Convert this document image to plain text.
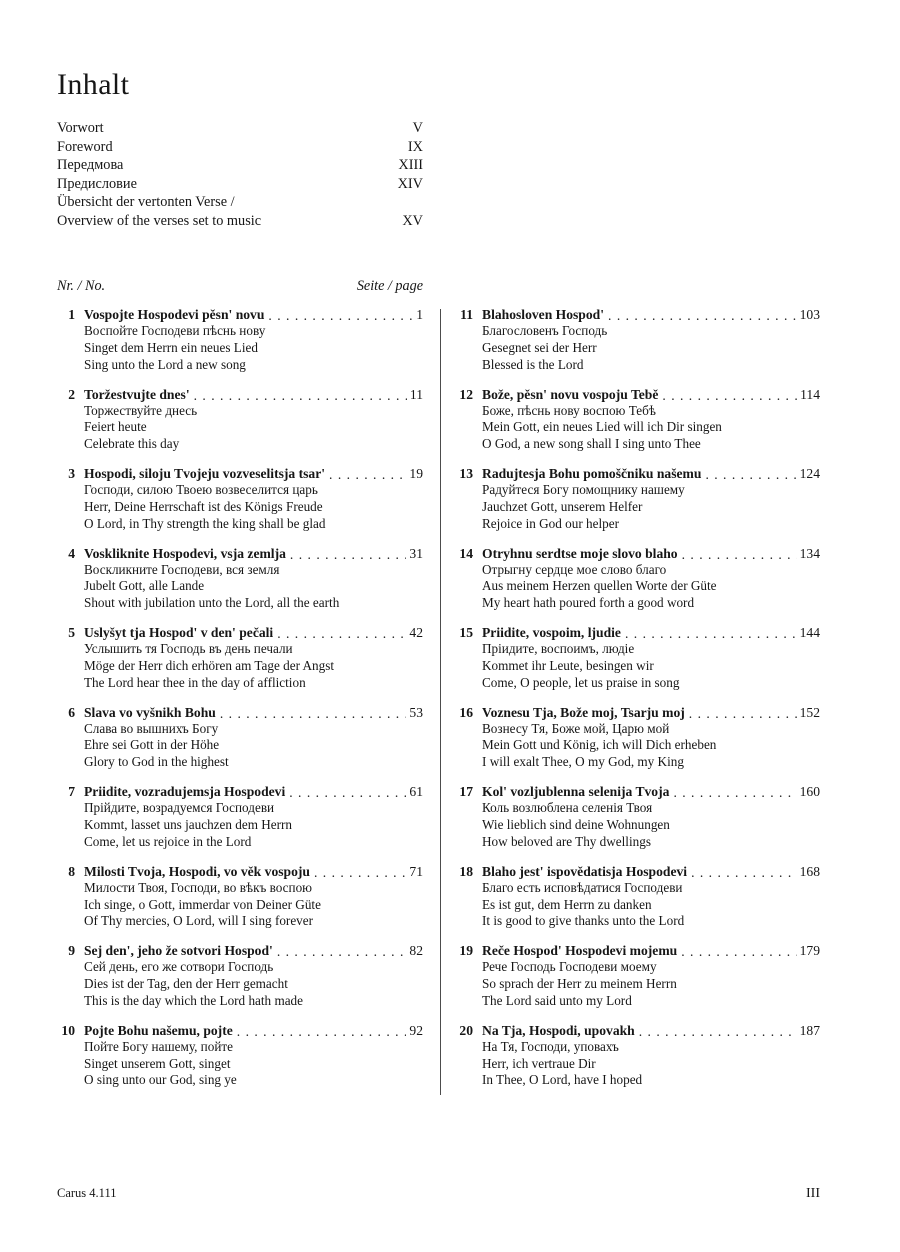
Inhalt
Vorwort	V
Foreword	IX
Передмова	XIII
Предисловие	XIV
Übersicht der vertonten Verse /
Overview of the verses set to music	XV
Nr. / No.	Seite / page
1 Vospojte Hospodevi pěsn' novu . . .	1
Воспойте Господеви пѣснь нову
Singet dem Herrn ein neues Lied
Sing unto the Lord a new song
2 Toržestvujte dnes' . . .	11
Торжествуйте днесь
Feiert heute
Celebrate this day
3 Hospodi, siloju Tvojeju vozveselitsja tsar' . . .	19
Господи, силою Твоею возвеселится царь
Herr, Deine Herrschaft ist des Königs Freude
O Lord, in Thy strength the king shall be glad
4 Voskliknite Hospodevi, vsja zemlja . . .	31
Воскликните Господеви, вся земля
Jubelt Gott, alle Lande
Shout with jubilation unto the Lord, all the earth
5 Uslyšyt tja Hospod' v den' pečali . . .	42
Услышить тя Господь въ день печали
Möge der Herr dich erhören am Tage der Angst
The Lord hear thee in the day of affliction
6 Slava vo vyšnikh Bohu . . .	53
Слава во вышнихъ Богу
Ehre sei Gott in der Höhe
Glory to God in the highest
7 Priidite, vozradujemsja Hospodevi . . .	61
Прійдите, возрадуемся Господеви
Kommt, lasset uns jauchzen dem Herrn
Come, let us rejoice in the Lord
8 Milosti Tvoja, Hospodi, vo věk vospoju . . .	71
Милости Твоя, Господи, во вѣкъ воспою
Ich singe, o Gott, immerdar von Deiner Güte
Of Thy mercies, O Lord, will I sing forever
9 Sej den', jeho že sotvori Hospod' . . .	82
Сей день, его же сотвори Господь
Dies ist der Tag, den der Herr gemacht
This is the day which the Lord hath made
10 Pojte Bohu našemu, pojte . . .	92
Пойте Богу нашему, пойте
Singet unserem Gott, singet
O sing unto our God, sing ye
11 Blahosloven Hospod' . . .	103
Благословенъ Господь
Gesegnet sei der Herr
Blessed is the Lord
12 Bože, pěsn' novu vospoju Tebě . . .	114
Боже, пѣснь нову воспою Тебѣ
Mein Gott, ein neues Lied will ich Dir singen
O God, a new song shall I sing unto Thee
13 Radujtesja Bohu pomoščniku našemu . . .	124
Радуйтеся Богу помощнику нашему
Jauchzet Gott, unserem Helfer
Rejoice in God our helper
14 Otryhnu serdtse moje slovo blaho . . .	134
Отрыгну сердце мое слово благо
Aus meinem Herzen quellen Worte der Güte
My heart hath poured forth a good word
15 Priidite, vospoim, ljudie . . .	144
Пріидите, воспоимъ, людіе
Kommet ihr Leute, besingen wir
Come, O people, let us praise in song
16 Voznesu Tja, Bože moj, Tsarju moj . . .	152
Вознесу Тя, Боже мой, Царю мой
Mein Gott und König, ich will Dich erheben
I will exalt Thee, O my God, my King
17 Kol' vozljublenna selenija Tvoja . . .	160
Коль возлюблена селенія Твоя
Wie lieblich sind deine Wohnungen
How beloved are Thy dwellings
18 Blaho jest' ispovědatisja Hospodevi . . .	168
Благо есть исповѣдатися Господеви
Es ist gut, dem Herrn zu danken
It is good to give thanks unto the Lord
19 Reče Hospod' Hospodevi mojemu . . .	179
Рече Господь Господеви моему
So sprach der Herr zu meinem Herrn
The Lord said unto my Lord
20 Na Tja, Hospodi, upovakh . . .	187
На Тя, Господи, уповахъ
Herr, ich vertraue Dir
In Thee, O Lord, have I hoped
Carus 4.111	III
